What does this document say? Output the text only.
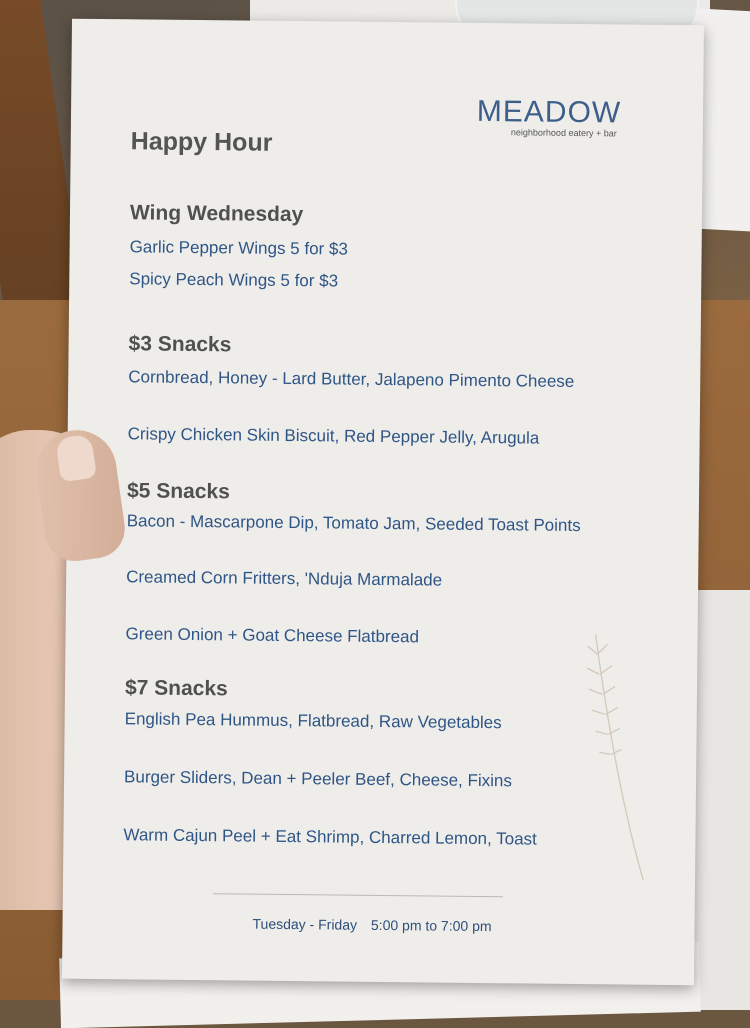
MEADOW
neighborhood eatery + bar
Happy Hour
Wing Wednesday
Garlic Pepper Wings 5 for $3
Spicy Peach Wings 5 for $3
$3 Snacks
Cornbread, Honey - Lard Butter, Jalapeno Pimento Cheese
Crispy Chicken Skin Biscuit, Red Pepper Jelly, Arugula
$5 Snacks
Bacon - Mascarpone Dip, Tomato Jam, Seeded Toast Points
Creamed Corn Fritters, 'Nduja Marmalade
Green Onion + Goat Cheese Flatbread
$7 Snacks
English Pea Hummus, Flatbread, Raw Vegetables
Burger Sliders, Dean + Peeler Beef, Cheese, Fixins
Warm Cajun Peel + Eat Shrimp, Charred Lemon, Toast
Tuesday - Friday 5:00 pm to 7:00 pm
